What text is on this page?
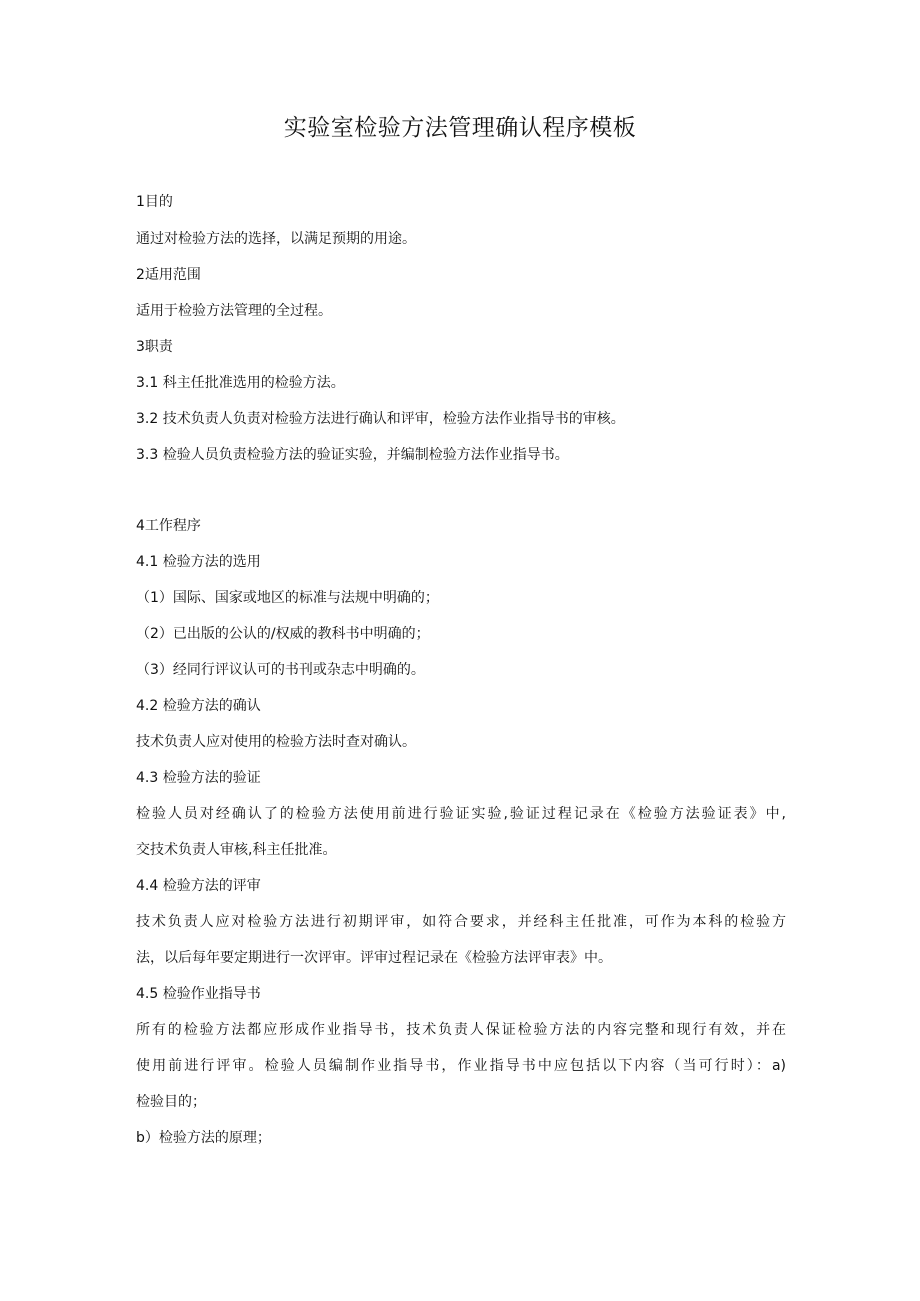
实验室检验方法管理确认程序模板
1目的
通过对检验方法的选择，以满足预期的用途。
2适用范围
适用于检验方法管理的全过程。
3职责
3.1 科主任批准选用的检验方法。
3.2 技术负责人负责对检验方法进行确认和评审，检验方法作业指导书的审核。
3.3 检验人员负责检验方法的验证实验，并编制检验方法作业指导书。
4工作程序
4.1 检验方法的选用
（1）国际、国家或地区的标准与法规中明确的；
（2）已出版的公认的/权威的教科书中明确的；
（3）经同行评议认可的书刊或杂志中明确的。
4.2 检验方法的确认
技术负责人应对使用的检验方法时查对确认。
4.3 检验方法的验证
检验人员对经确认了的检验方法使用前进行验证实验,验证过程记录在《检验方法验证表》中,
交技术负责人审核,科主任批准。
4.4 检验方法的评审
技术负责人应对检验方法进行初期评审，如符合要求，并经科主任批准，可作为本科的检验方
法，以后每年要定期进行一次评审。评审过程记录在《检验方法评审表》中。
4.5 检验作业指导书
所有的检验方法都应形成作业指导书，技术负责人保证检验方法的内容完整和现行有效，并在
使用前进行评审。检验人员编制作业指导书，作业指导书中应包括以下内容（当可行时）：a)
检验目的；
b）检验方法的原理；
